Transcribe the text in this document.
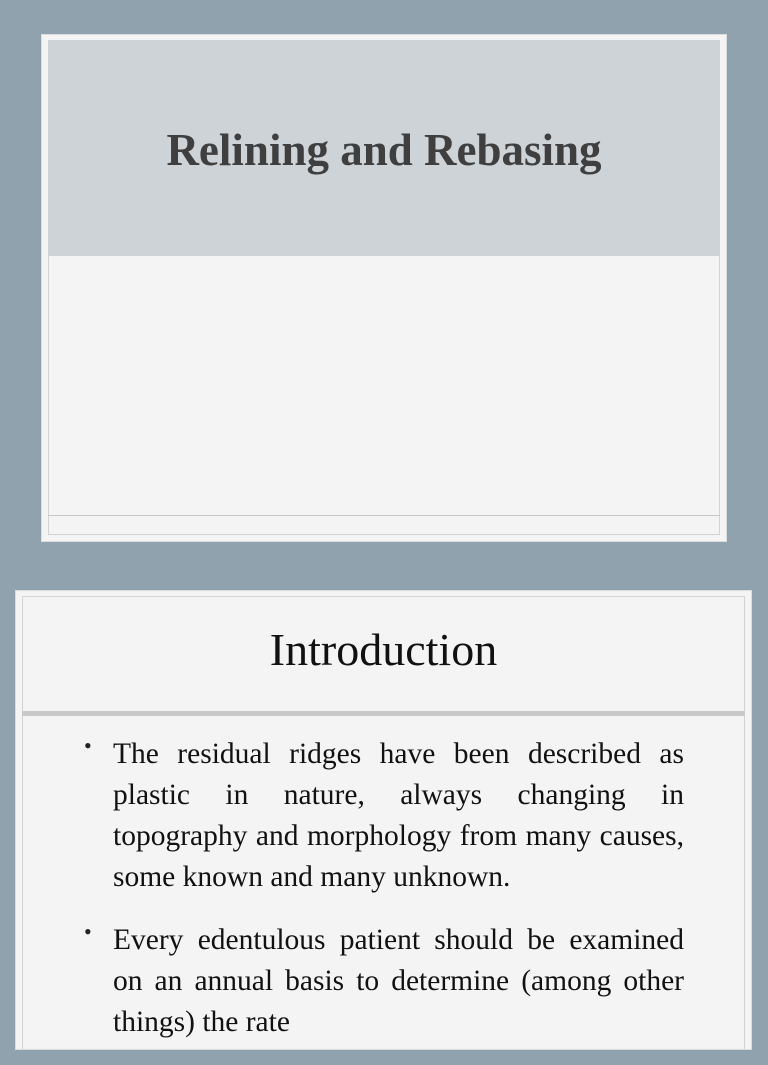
Relining and Rebasing
Introduction
• The residual ridges have been described as plastic in nature, always changing in topography and morphology from many causes, some known and many unknown.
• Every edentulous patient should be examined on an annual basis to determine (among other things) the rate
